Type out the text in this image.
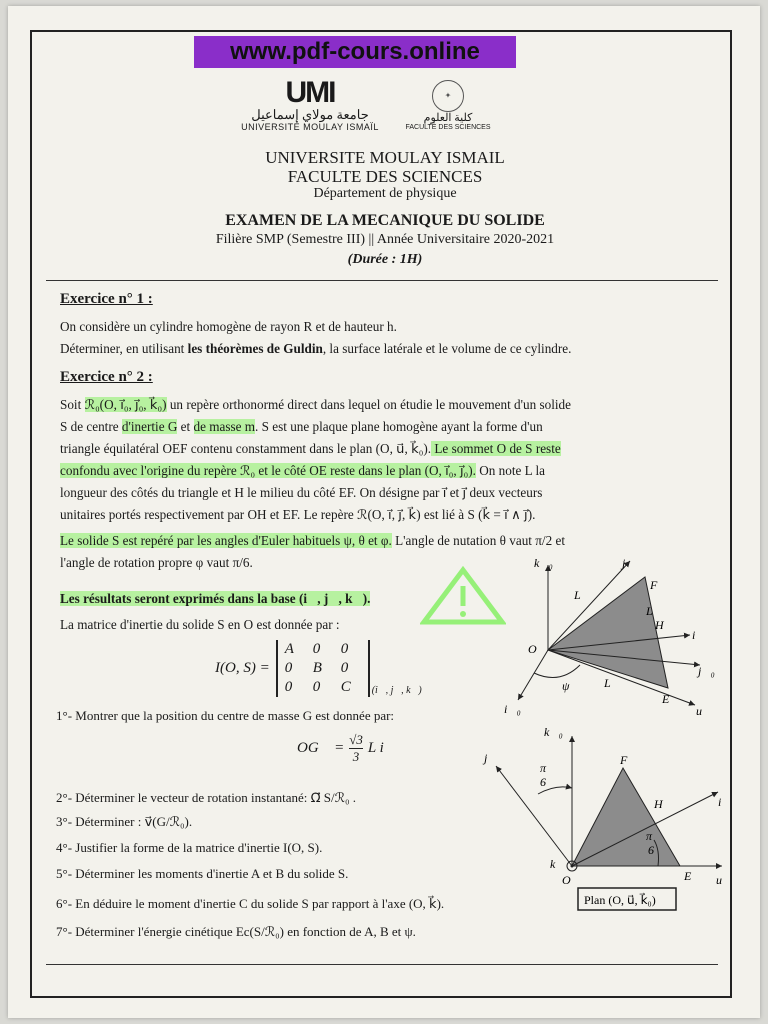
www.pdf-cours.online
UMI
جامعة مولاي إسماعيل
UNIVERSITÉ MOULAY ISMAÏL
✦
كلية العلوم
FACULTÉ DES SCIENCES
UNIVERSITE MOULAY ISMAIL
FACULTE DES SCIENCES
Département de physique
EXAMEN DE LA MECANIQUE DU SOLIDE
Filière SMP (Semestre III) || Année Universitaire 2020-2021
(Durée : 1H)
Exercice n° 1 :
On considère un cylindre homogène de rayon R et de hauteur h.
Déterminer, en utilisant les théorèmes de Guldin, la surface latérale et le volume de ce cylindre.
Exercice n° 2 :
Soit ℛ₀(O, i⃗₀, j⃗₀, k⃗₀) un repère orthonormé direct dans lequel on étudie le mouvement d'un solide
S de centre d'inertie G et de masse m. S est une plaque plane homogène ayant la forme d'un
triangle équilatéral OEF contenu constamment dans le plan (O, u⃗, k⃗₀). Le sommet O de S reste
confondu avec l'origine du repère ℛ₀ et le côté OE reste dans le plan (O, i⃗₀, j⃗₀). On note L la
longueur des côtés du triangle et H le milieu du côté EF. On désigne par i⃗ et j⃗ deux vecteurs
unitaires portés respectivement par OH et EF. Le repère ℛ(O, i⃗, j⃗, k⃗) est lié à S (k⃗ = i⃗ ∧ j⃗).
Le solide S est repéré par les angles d'Euler habituels ψ, θ et φ. L'angle de nutation θ vaut π/2 et
l'angle de rotation propre φ vaut π/6.
Les résultats seront exprimés dans la base (i⃗, j⃗, k⃗).
La matrice d'inertie du solide S en O est donnée par :
I(O, S) =	
A	0	0
0	B	0
0	0	C
	(i⃗, j⃗, k⃗)
1°- Montrer que la position du centre de masse G est donnée par:
OG⃗ =	
√3
3
	L i⃗
2°- Déterminer le vecteur de rotation instantané: Ω⃗ S/ℛ₀ .
3°- Déterminer : v⃗(G/ℛ₀).
4°- Justifier la forme de la matrice d'inertie I(O, S).
5°- Déterminer les moments d'inertie A et B du solide S.
6°- En déduire le moment d'inertie C du solide S par rapport à l'axe (O, k⃗).
7°- Déterminer l'énergie cinétique Ec(S/ℛ₀) en fonction de A, B et ψ.
k⃗₀	j⃗
F
L
L
L
H
i⃗
O
ψ
j⃗₀
E
i⃗₀	u⃗
k⃗₀
j⃗
π
6
F
H	i⃗
π
6
k⃗
O	E u⃗
Plan (O, u⃗, k⃗₀)
